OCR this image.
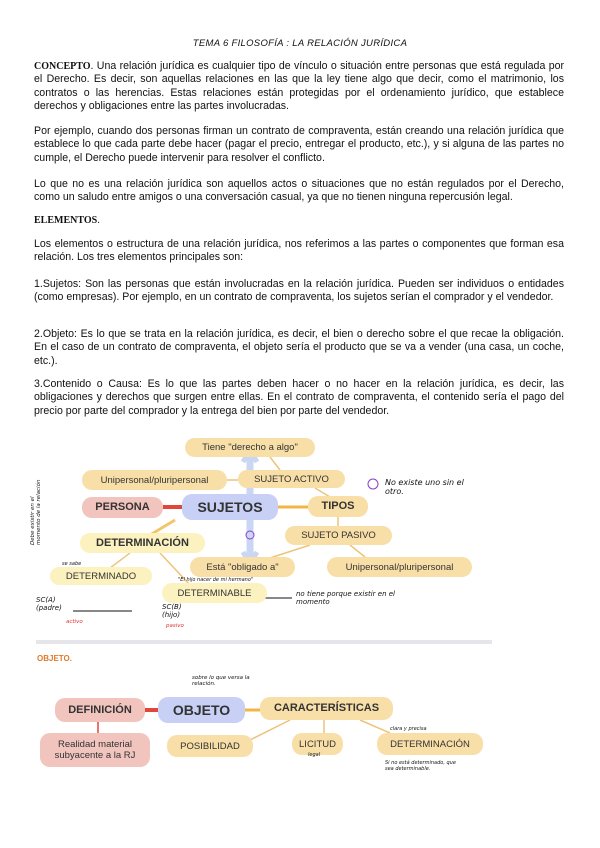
TEMA 6 FILOSOFÍA : LA RELACIÓN JURÍDICA
CONCEPTO. Una relación jurídica es cualquier tipo de vínculo o situación entre personas que está regulada por el Derecho. Es decir, son aquellas relaciones en las que la ley tiene algo que decir, como el matrimonio, los contratos o las herencias. Estas relaciones están protegidas por el ordenamiento jurídico, que establece derechos y obligaciones entre las partes involucradas.
Por ejemplo, cuando dos personas firman un contrato de compraventa, están creando una relación jurídica que establece lo que cada parte debe hacer (pagar el precio, entregar el producto, etc.), y si alguna de las partes no cumple, el Derecho puede intervenir para resolver el conflicto.
Lo que no es una relación jurídica son aquellos actos o situaciones que no están regulados por el Derecho, como un saludo entre amigos o una conversación casual, ya que no tienen ninguna repercusión legal.
ELEMENTOS.
Los elementos o estructura de una relación jurídica, nos referimos a las partes o componentes que forman esa relación. Los tres elementos principales son:
1.Sujetos: Son las personas que están involucradas en la relación jurídica. Pueden ser individuos o entidades (como empresas). Por ejemplo, en un contrato de compraventa, los sujetos serían el comprador y el vendedor.
2.Objeto: Es lo que se trata en la relación jurídica, es decir, el bien o derecho sobre el que recae la obligación. En el caso de un contrato de compraventa, el objeto sería el producto que se va a vender (una casa, un coche, etc.).
3.Contenido o Causa: Es lo que las partes deben hacer o no hacer en la relación jurídica, es decir, las obligaciones y derechos que surgen entre ellas. En el contrato de compraventa, el contenido sería el pago del precio por parte del comprador y la entrega del bien por parte del vendedor.
Tiene "derecho a algo"
Unipersonal/pluripersonal	SUJETO ACTIVO
PERSONA	SUJETOS	TIPOS
DETERMINACIÓN
SUJETO PASIVO
Está "obligado a"	Unipersonal/pluripersonal
DETERMINADO
DETERMINABLE
No existe uno sin el otro.
Debe existir en el momento de la relación
se sabe
"El hijo nacer de mi hermano"
no tiene porque existir en el momento
SC(A) (padre)
activo
SC(B) (hijo)
pasivo
OBJETO.
DEFINICIÓN	OBJETO	CARACTERÍSTICAS
Realidad material subyacente a la RJ
POSIBILIDAD	LICITUD	DETERMINACIÓN
sobre lo que versa la relación.
legal
clara y precisa
Si no está determinado, que sea determinable.
